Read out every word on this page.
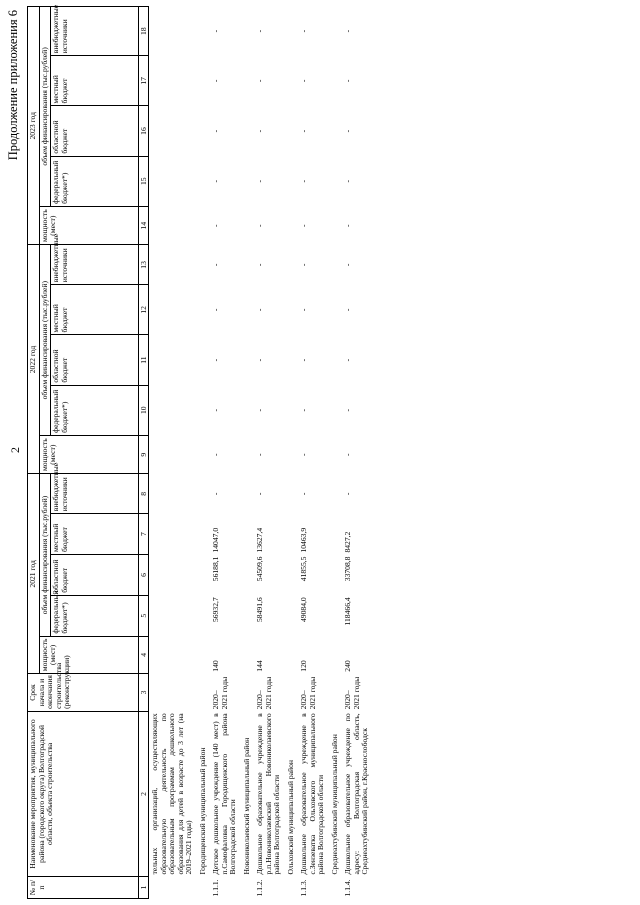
2
Продолжение приложения 6
№ п/п	Наименование мероприятия, муниципального района (городского округа) Волгоградской области, объекта строительства	Срок начала и окончания строительства (реконструкции)	2021 год					2022 год					2023 год				
			мощность (мест)	объем финансирования (тыс.рублей)				мощность (мест)	объем финансирования (тыс.рублей)				мощность (мест)	объем финансирования (тыс.рублей)			
				федеральный бюджет*)	областной бюджет	местный бюджет	внебюджетные источники		федеральный бюджет*)	областной бюджет	местный бюджет	внебюджетные источники		федеральный бюджет*)	областной бюджет	местный бюджет	внебюджетные источники
1	2	3	4	5	6	7	8	9	10	11	12	13	14	15	16	17	18
	тельных организаций, осуществляющих образовательную деятельность по образовательным программам дошкольного образования для детей в возрасте до 3 лет (на 2019–2021 годы)																
	Городищенский муниципальный район																
1.1.1.	Детское дошкольное учреждение (140 мест) в п.Самофаловка Городищенского района Волгоградской области	2020–2021 годы	140	56932,7	56188,1	14047,0	-	-	-	-	-	-	-	-	-	-	-
	Новониколаевский муниципальный район																
1.1.2.	Дошкольное образовательное учреждение в р.п.Новониколаевский Новониколаевского района Волгоградской области	2020–2021 годы	144	58491,6	54509,6	13627,4	-	-	-	-	-	-	-	-	-	-	-
	Ольховский муниципальный район																
1.1.3.	Дошкольное образовательное учреждение в с.Зензеватка Ольховского муниципального района Волгоградской области	2020–2021 годы	120	49084,0	41855,5	10463,9	-	-	-	-	-	-	-	-	-	-	-
	Среднеахтубинский муниципальный район																
1.1.4.	Дошкольное образовательное учреждение по адресу: Волгоградская область, Среднеахтубинский район, г.Краснослободск	2020–2021 годы	240	118466,4	33708,8	8427,2	-	-	-	-	-	-	-	-	-	-	-
